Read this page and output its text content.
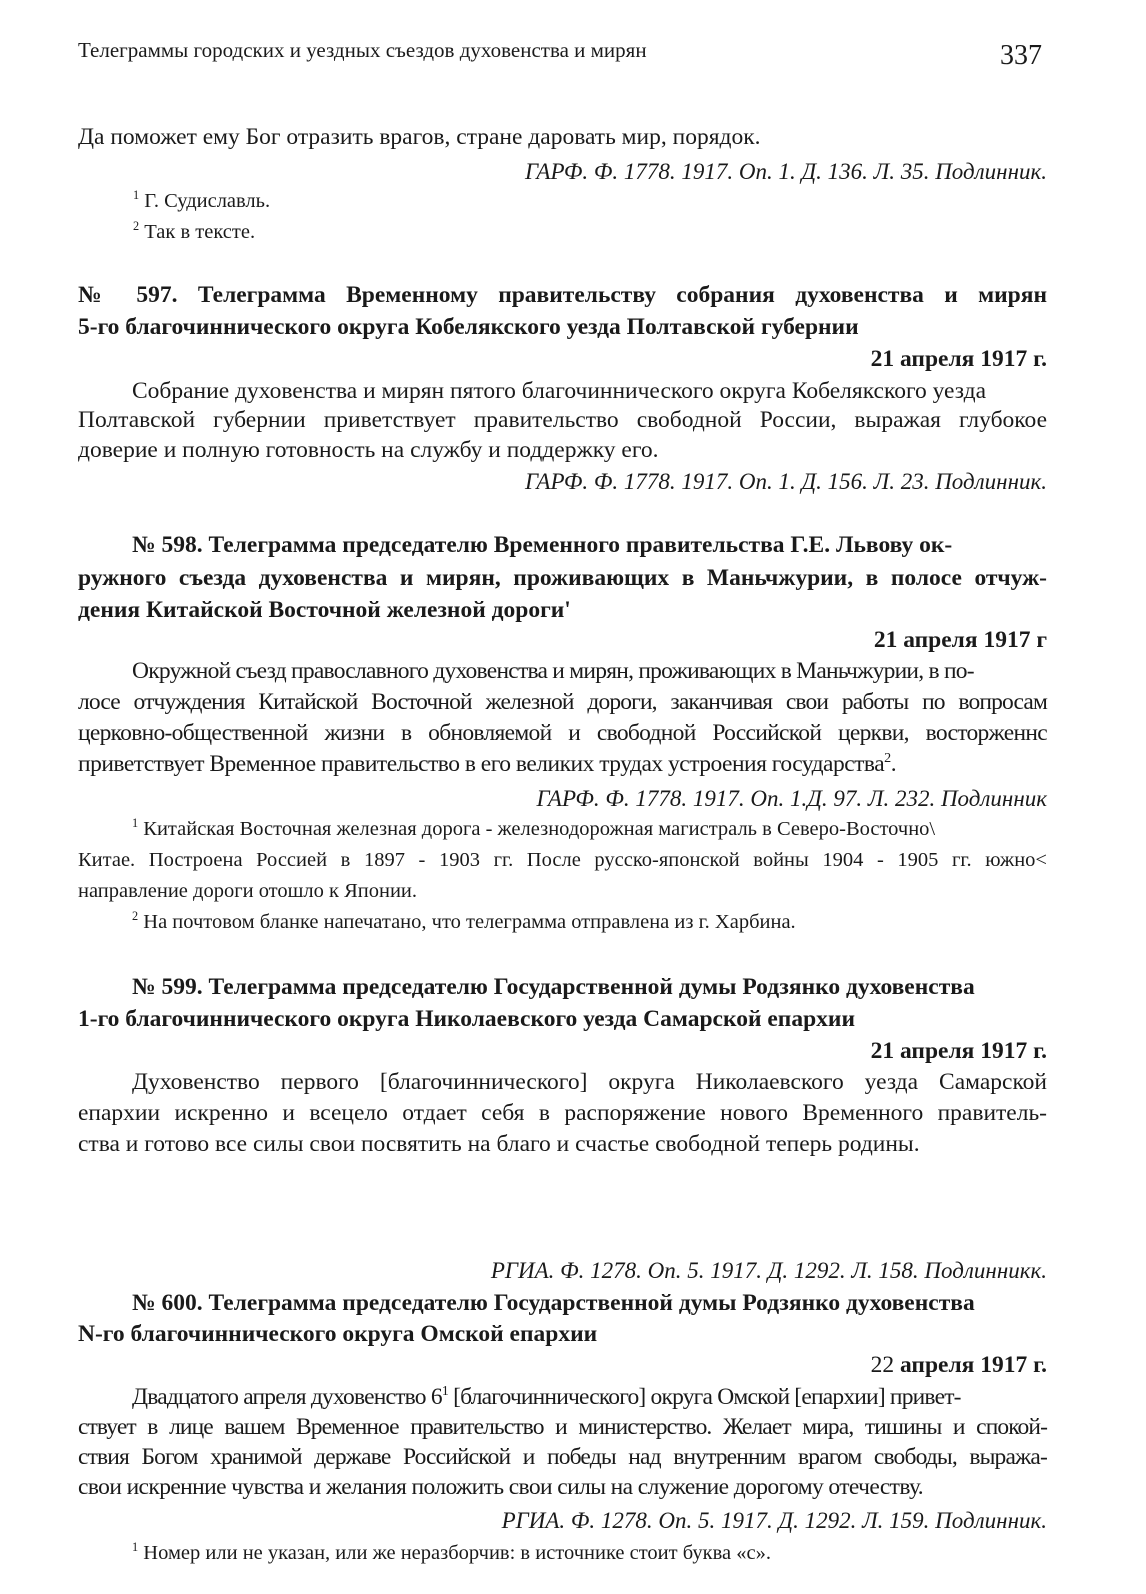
Телеграммы городских и уездных съездов духовенства и мирян	337
Да поможет ему Бог отразить врагов, стране даровать мир, порядок.
ГАРФ. Ф. 1778. 1917. Оп. 1. Д. 136. Л. 35. Подлинник.
$^1$ Г. Судиславль.
$^2$ Так в тексте.
№ 597. Телеграмма Временному правительству собрания духовенства и мирян
5-го благочиннического округа Кобелякского уезда Полтавской губернии
21 апреля 1917 г.
Собрание духовенства и мирян пятого благочиннического округа Кобелякского уезда
Полтавской губернии приветствует правительство свободной России, выражая глубокое
доверие и полную готовность на службу и поддержку его.
ГАРФ. Ф. 1778. 1917. Оп. 1. Д. 156. Л. 23. Подлинник.
№ 598. Телеграмма председателю Временного правительства Г.Е. Львову ок-
ружного съезда духовенства и мирян, проживающих в Маньчжурии, в полосе отчуж-
дения Китайской Восточной железной дороги'
21 апреля 1917 г
Окружной съезд православного духовенства и мирян, проживающих в Маньчжурии, в по-
лосе отчуждения Китайской Восточной железной дороги, заканчивая свои работы по вопросам
церковно-общественной жизни в обновляемой и свободной Российской церкви, восторженнс
приветствует Временное правительство в его великих трудах устроения государства$^2$.
ГАРФ. Ф. 1778. 1917. Оп. 1.Д. 97. Л. 232. Подлинник
$^1$ Китайская Восточная железная дорога - железнодорожная магистраль в Северо-Восточно\
Китае. Построена Россией в 1897 - 1903 гг. После русско-японской войны 1904 - 1905 гг. южно<
направление дороги отошло к Японии.
$^2$ На почтовом бланке напечатано, что телеграмма отправлена из г. Харбина.
№ 599. Телеграмма председателю Государственной думы Родзянко духовенства
1-го благочиннического округа Николаевского уезда Самарской епархии
21 апреля 1917 г.
Духовенство первого [благочиннического] округа Николаевского уезда Самарской
епархии искренно и всецело отдает себя в распоряжение нового Временного правитель-
ства и готово все силы свои посвятить на благо и счастье свободной теперь родины.
РГИА. Ф. 1278. Оп. 5. 1917. Д. 1292. Л. 158. Подлинникк.
№ 600. Телеграмма председателю Государственной думы Родзянко духовенства
N-го благочиннического округа Омской епархии
22 апреля 1917 г.
Двадцатого апреля духовенство $6^1$ [благочиннического] округа Омской [епархии] привет-
ствует в лице вашем Временное правительство и министерство. Желает мира, тишины и спокой-
ствия Богом хранимой державе Российской и победы над внутренним врагом свободы, выража-
свои искренние чувства и желания положить свои силы на служение дорогому отечеству.
РГИА. Ф. 1278. Оп. 5. 1917. Д. 1292. Л. 159. Подлинник.
$^1$ Номер или не указан, или же неразборчив: в источнике стоит буква «с».
